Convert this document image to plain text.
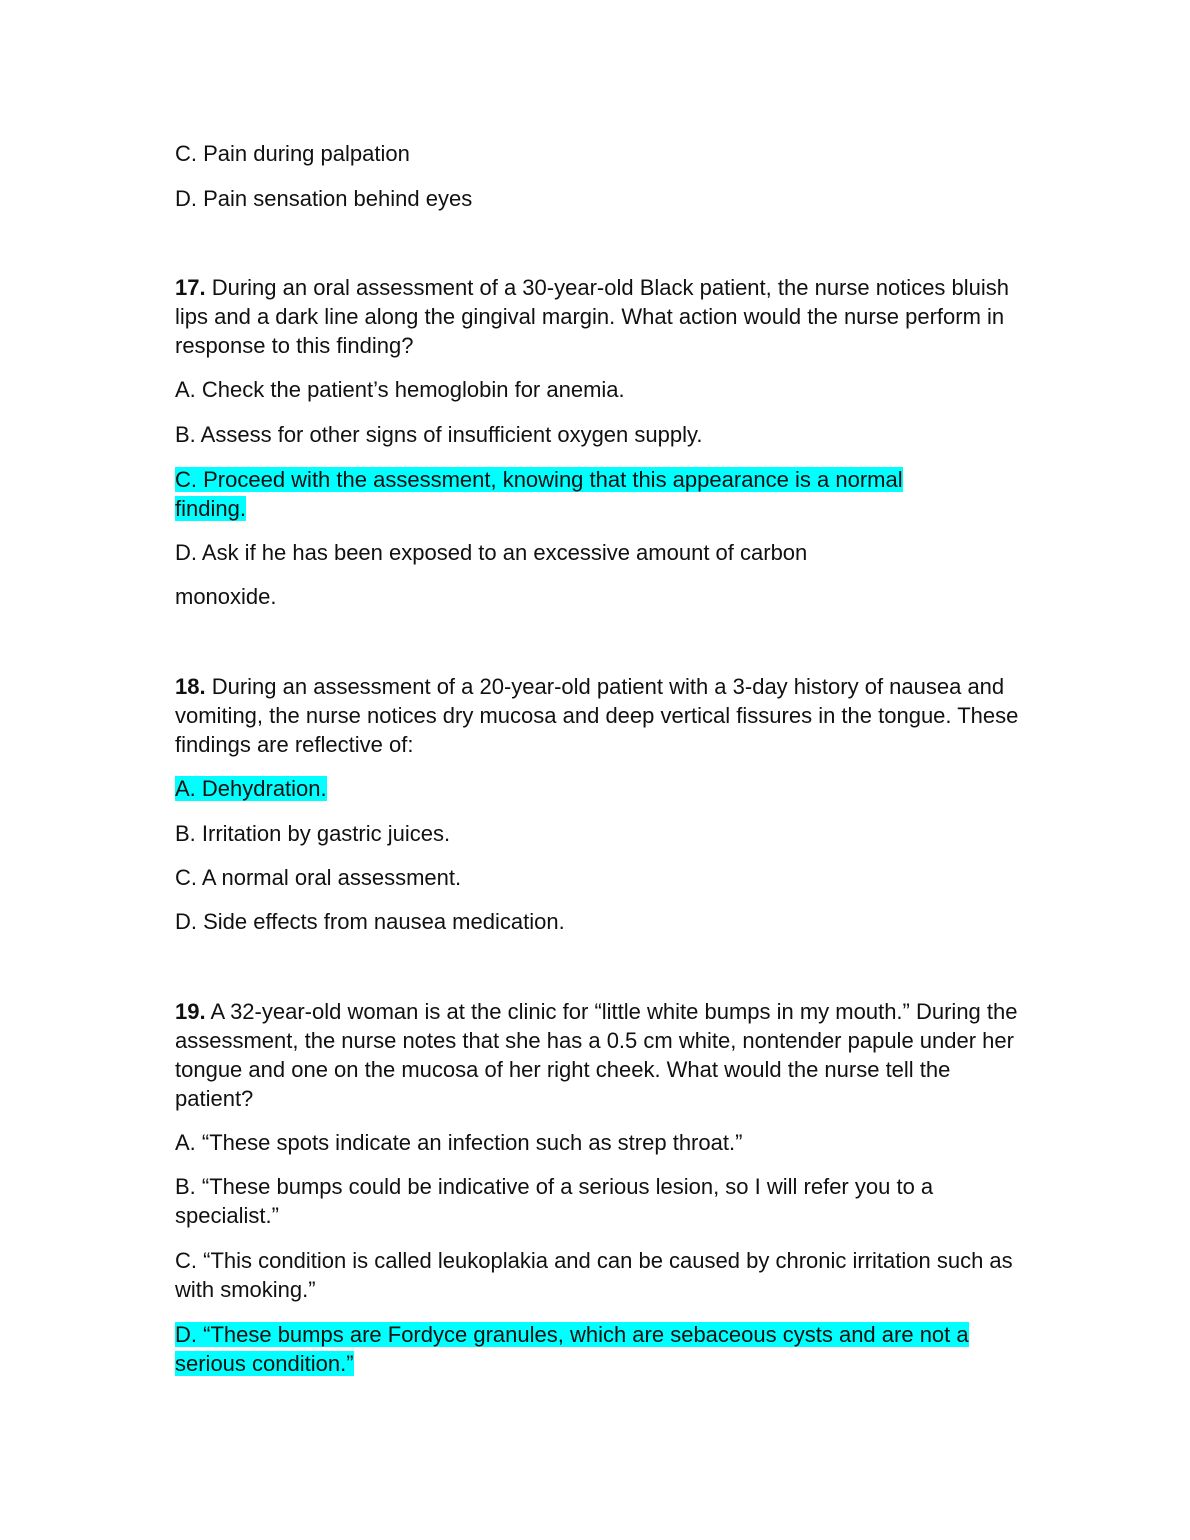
C. Pain during palpation

D. Pain sensation behind eyes

17. During an oral assessment of a 30-year-old Black patient, the nurse notices bluish lips and a dark line along the gingival margin. What action would the nurse perform in response to this finding?

A. Check the patient’s hemoglobin for anemia.

B. Assess for other signs of insufficient oxygen supply.

C. Proceed with the assessment, knowing that this appearance is a normal finding.

D. Ask if he has been exposed to an excessive amount of carbon

monoxide.

18. During an assessment of a 20-year-old patient with a 3-day history of nausea and vomiting, the nurse notices dry mucosa and deep vertical fissures in the tongue. These findings are reflective of:

A. Dehydration.

B. Irritation by gastric juices.

C. A normal oral assessment.

D. Side effects from nausea medication.

19. A 32-year-old woman is at the clinic for “little white bumps in my mouth.” During the assessment, the nurse notes that she has a 0.5 cm white, nontender papule under her tongue and one on the mucosa of her right cheek. What would the nurse tell the patient?

A. “These spots indicate an infection such as strep throat.”

B. “These bumps could be indicative of a serious lesion, so I will refer you to a specialist.”

C. “This condition is called leukoplakia and can be caused by chronic irritation such as with smoking.”

D. “These bumps are Fordyce granules, which are sebaceous cysts and are not a serious condition.”
